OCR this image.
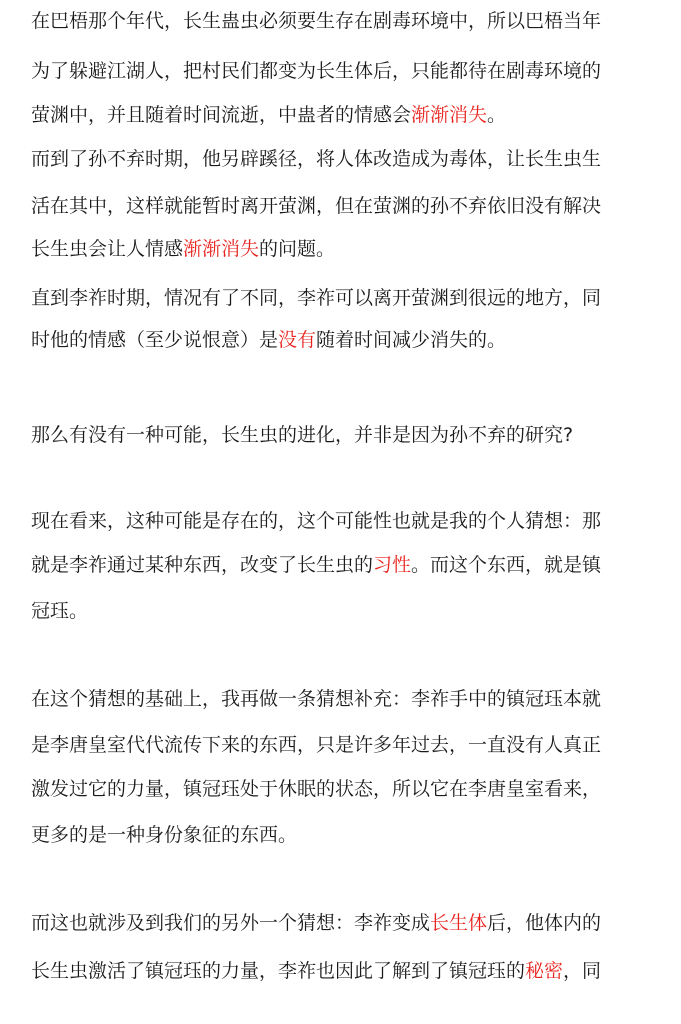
在巴梧那个年代，长生蛊虫必须要生存在剧毒环境中，所以巴梧当年
为了躲避江湖人，把村民们都变为长生体后，只能都待在剧毒环境的
萤渊中，并且随着时间流逝，中蛊者的情感会渐渐消失。
而到了孙不弃时期，他另辟蹊径，将人体改造成为毒体，让长生虫生
活在其中，这样就能暂时离开萤渊，但在萤渊的孙不弃依旧没有解决
长生虫会让人情感渐渐消失的问题。
直到李祚时期，情况有了不同，李祚可以离开萤渊到很远的地方，同
时他的情感（至少说恨意）是没有随着时间减少消失的。
那么有没有一种可能，长生虫的进化，并非是因为孙不弃的研究?
现在看来，这种可能是存在的，这个可能性也就是我的个人猜想：那
就是李祚通过某种东西，改变了长生虫的习性。而这个东西，就是镇
冠珏。
在这个猜想的基础上，我再做一条猜想补充：李祚手中的镇冠珏本就
是李唐皇室代代流传下来的东西，只是许多年过去，一直没有人真正
激发过它的力量，镇冠珏处于休眠的状态，所以它在李唐皇室看来，
更多的是一种身份象征的东西。
而这也就涉及到我们的另外一个猜想：李祚变成长生体后，他体内的
长生虫激活了镇冠珏的力量，李祚也因此了解到了镇冠珏的秘密，同
